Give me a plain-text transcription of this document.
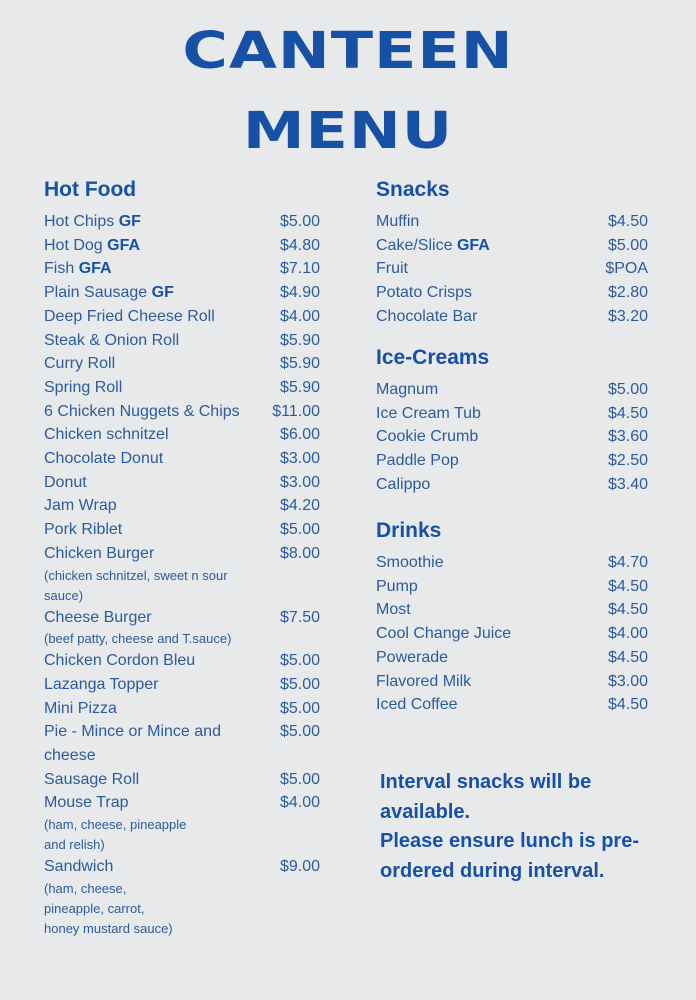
CANTEEN
MENU
Hot Food
Hot Chips GF	$5.00
Hot Dog GFA	$4.80
Fish GFA	$7.10
Plain Sausage GF	$4.90
Deep Fried Cheese Roll	$4.00
Steak & Onion Roll	$5.90
Curry Roll	$5.90
Spring Roll	$5.90
6 Chicken Nuggets & Chips	$11.00
Chicken schnitzel	$6.00
Chocolate Donut	$3.00
Donut	$3.00
Jam Wrap	$4.20
Pork Riblet	$5.00
Chicken Burger	$8.00
(chicken schnitzel, sweet n sour
sauce)
Cheese Burger	$7.50
(beef patty, cheese and T.sauce)
Chicken Cordon Bleu	$5.00
Lazanga Topper	$5.00
Mini Pizza	$5.00
Pie - Mince or Mince and cheese
$5.00
Sausage Roll	$5.00
Mouse Trap	$4.00
(ham, cheese, pineapple
and relish)
Sandwich	$9.00
(ham, cheese,
pineapple, carrot,
honey mustard sauce)
Snacks
Muffin	$4.50
Cake/Slice GFA	$5.00
Fruit	$POA
Potato Crisps	$2.80
Chocolate Bar	$3.20
Ice-Creams
Magnum	$5.00
Ice Cream Tub	$4.50
Cookie Crumb	$3.60
Paddle Pop	$2.50
Calippo	$3.40
Drinks
Smoothie	$4.70
Pump	$4.50
Most	$4.50
Cool Change Juice	$4.00
Powerade	$4.50
Flavored Milk	$3.00
Iced Coffee	$4.50
Interval snacks will be available.
Please ensure lunch is pre-ordered during interval.
